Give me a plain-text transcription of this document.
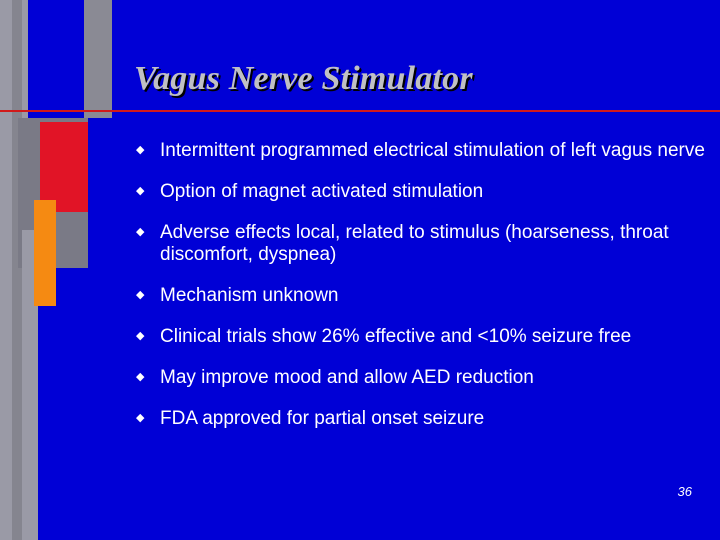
Vagus Nerve Stimulator
◆ Intermittent programmed electrical stimulation of left vagus nerve
◆ Option of magnet activated stimulation
◆ Adverse effects local, related to stimulus (hoarseness, throat discomfort, dyspnea)
◆ Mechanism unknown
◆ Clinical trials show 26% effective and <10% seizure free
◆ May improve mood and allow AED reduction
◆ FDA approved for partial onset seizure
36
